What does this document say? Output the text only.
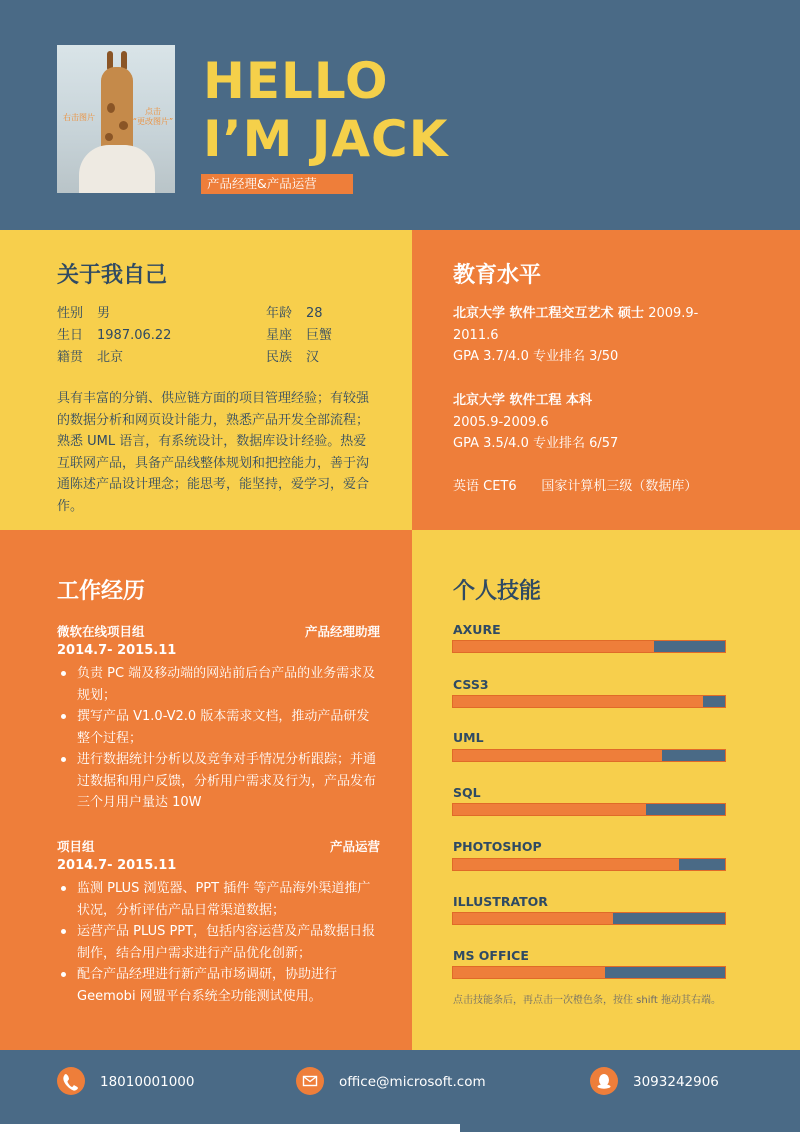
右击图片
点击
“更改图片”
HELLO
I’M JACK
产品经理&产品运营
关于我自己
性别 男	年龄 28
生日 1987.06.22	星座 巨蟹
籍贯 北京	民族 汉
具有丰富的分销、供应链方面的项目管理经验；有较强的数据分析和网页设计能力，熟悉产品开发全部流程；熟悉 UML 语言，有系统设计，数据库设计经验。热爱互联网产品，具备产品线整体规划和把控能力，善于沟通陈述产品设计理念；能思考，能坚持，爱学习，爱合作。
教育水平
北京大学 软件工程交互艺术 硕士 2009.9-
2011.6
GPA 3.7/4.0 专业排名 3/50
北京大学 软件工程 本科
2005.9-2009.6
GPA 3.5/4.0 专业排名 6/57
英语 CET6      国家计算机三级（数据库）
工作经历
微软在线项目组	产品经理助理
2014.7- 2015.11
负责 PC 端及移动端的网站前后台产品的业务需求及规划；
撰写产品 V1.0-V2.0 版本需求文档，推动产品研发整个过程；
进行数据统计分析以及竞争对手情况分析跟踪；并通过数据和用户反馈，分析用户需求及行为，产品发布三个月用户量达 10W
项目组	产品运营
2014.7- 2015.11
监测 PLUS 浏览器、PPT 插件 等产品海外渠道推广状况，分析评估产品日常渠道数据；
运营产品 PLUS PPT，包括内容运营及产品数据日报制作，结合用户需求进行产品优化创新；
配合产品经理进行新产品市场调研，协助进行 Geemobi 网盟平台系统全功能测试使用。
个人技能
AXURE
CSS3
UML
SQL
PHOTOSHOP
ILLUSTRATOR
MS OFFICE
点击技能条后，再点击一次橙色条，按住 shift 拖动其右端。
18010001000	office@microsoft.com	3093242906
